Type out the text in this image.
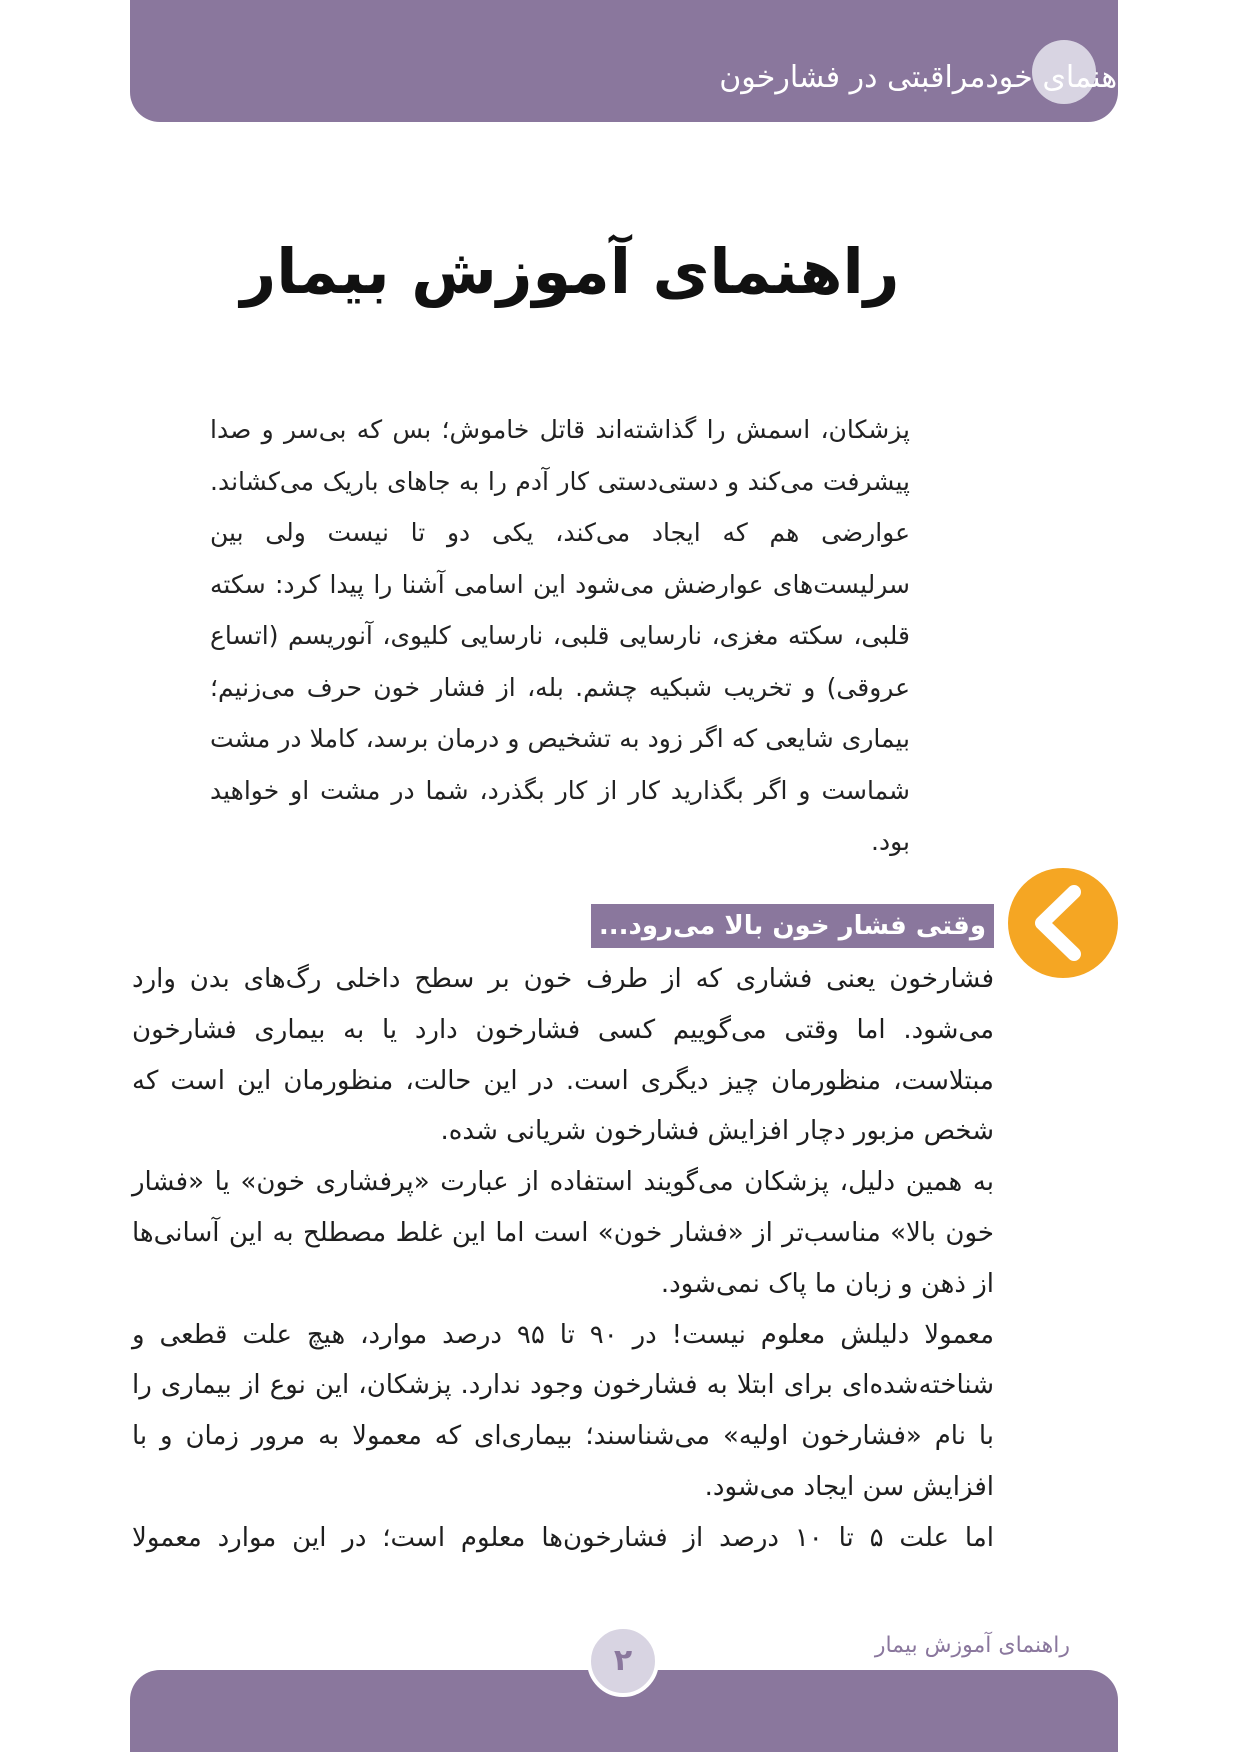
راهنمای خودمراقبتی در فشارخون
راهنمای آموزش بیمار

پزشکان، اسمش را گذاشته‌اند قاتل خاموش؛ بس که بی‌سر و صدا پیشرفت می‌کند و دستی‌دستی کار آدم را به جاهای باریک می‌کشاند. عوارضی هم که ایجاد می‌کند، یکی دو تا نیست ولی بین سرلیست‌های عوارضش می‌شود این اسامی آشنا را پیدا کرد: سکته قلبی، سکته مغزی، نارسایی قلبی، نارسایی کلیوی، آنوریسم (اتساع عروقی) و تخریب شبکیه چشم. بله، از فشار خون حرف می‌زنیم؛ بیماری شایعی که اگر زود به تشخیص و درمان برسد، کاملا در مشت شماست و اگر بگذارید کار از کار بگذرد، شما در مشت او خواهید بود.

وقتی فشار خون بالا می‌رود...

فشارخون یعنی فشاری که از طرف خون بر سطح داخلی رگ‌های بدن وارد می‌شود. اما وقتی می‌گوییم کسی فشارخون دارد یا به بیماری فشارخون مبتلاست، منظورمان چیز دیگری است. در این حالت، منظورمان این است که شخص مزبور دچار افزایش فشارخون شریانی شده.

به همین دلیل، پزشکان می‌گویند استفاده از عبارت «پرفشاری خون» یا «فشار خون بالا» مناسب‌تر از «فشار خون» است اما این غلط مصطلح به این آسانی‌ها از ذهن و زبان ما پاک نمی‌شود.

معمولا دلیلش معلوم نیست! در ۹۰ تا ۹۵ درصد موارد، هیچ علت قطعی و شناخته‌شده‌ای برای ابتلا به فشارخون وجود ندارد. پزشکان، این نوع از بیماری را با نام «فشارخون اولیه» می‌شناسند؛ بیماری‌ای که معمولا به مرور زمان و با افزایش سن ایجاد می‌شود.

اما علت ۵ تا ۱۰ درصد از فشارخون‌ها معلوم است؛ در این موارد معمولا

راهنمای آموزش بیمار
۲
